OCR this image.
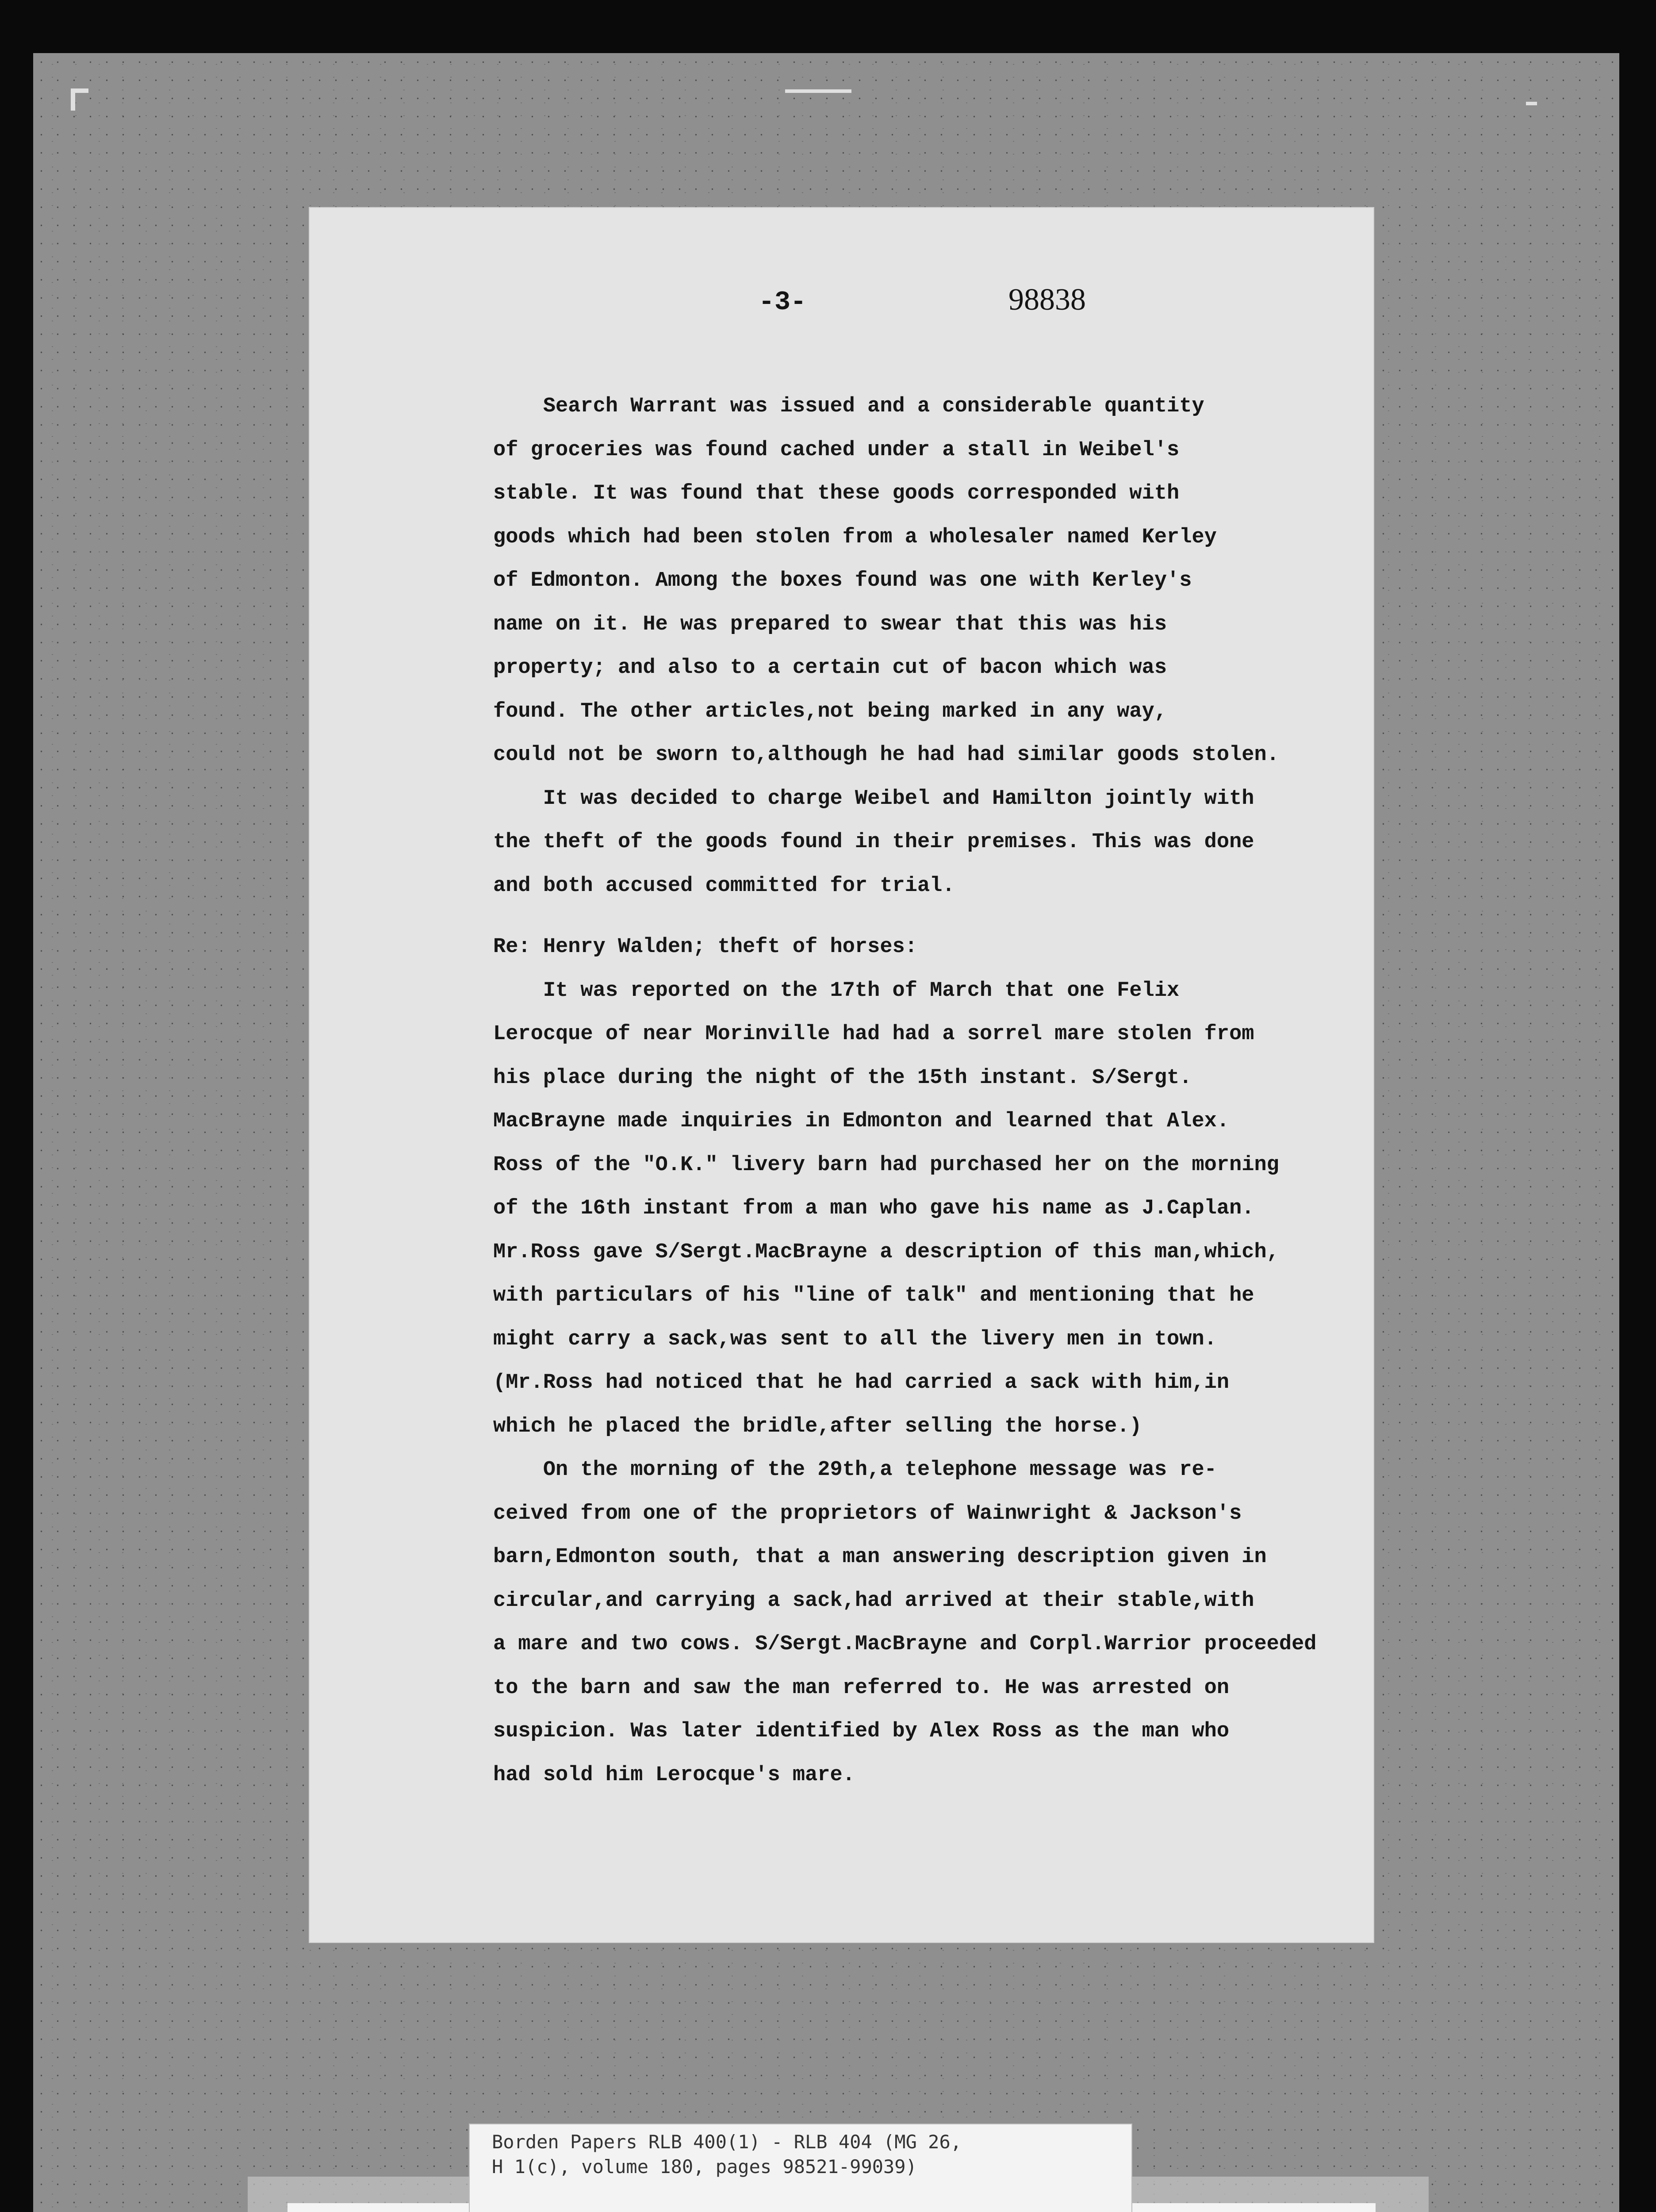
-3-	98838
Search Warrant was issued and a considerable quantity
of groceries was found cached under a stall in Weibel's
stable. It was found that these goods corresponded with
goods which had been stolen from a wholesaler named Kerley
of Edmonton. Among the boxes found was one with Kerley's
name on it. He was prepared to swear that this was his
property; and also to a certain cut of bacon which was
found. The other articles,not being marked in any way,
could not be sworn to,although he had had similar goods stolen.
It was decided to charge Weibel and Hamilton jointly with
the theft of the goods found in their premises. This was done
and both accused committed for trial.
Re: Henry Walden; theft of horses:
It was reported on the 17th of March that one Felix
Lerocque of near Morinville had had a sorrel mare stolen from
his place during the night of the 15th instant. S/Sergt.
MacBrayne made inquiries in Edmonton and learned that Alex.
Ross of the "O.K." livery barn had purchased her on the morning
of the 16th instant from a man who gave his name as J.Caplan.
Mr.Ross gave S/Sergt.MacBrayne a description of this man,which,
with particulars of his "line of talk" and mentioning that he
might carry a sack,was sent to all the livery men in town.
(Mr.Ross had noticed that he had carried a sack with him,in
which he placed the bridle,after selling the horse.)
On the morning of the 29th,a telephone message was re-
ceived from one of the proprietors of Wainwright & Jackson's
barn,Edmonton south, that a man answering description given in
circular,and carrying a sack,had arrived at their stable,with
a mare and two cows. S/Sergt.MacBrayne and Corpl.Warrior proceeded
to the barn and saw the man referred to. He was arrested on
suspicion. Was later identified by Alex Ross as the man who
had sold him Lerocque's mare.
Borden Papers RLB 400(1) - RLB 404 (MG 26,
H 1(c), volume 180, pages 98521-99039)
